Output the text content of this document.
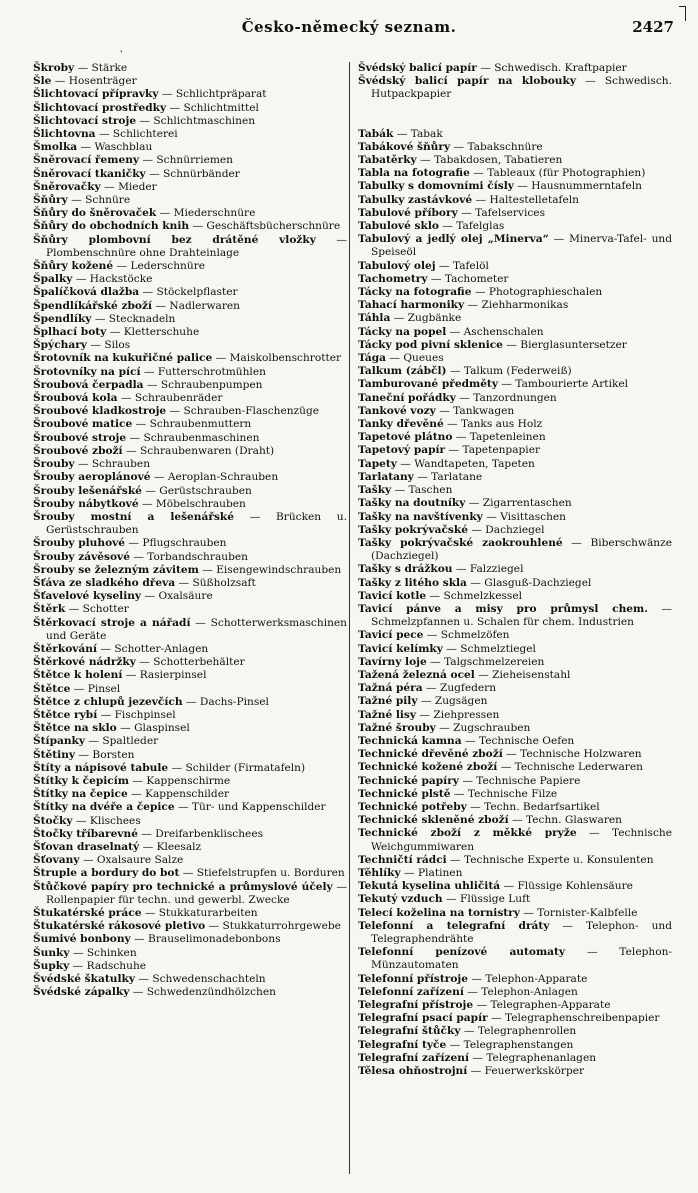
Česko-německý seznam.	2427
'

Škroby — Stärke

Šle — Hosenträger

Šlichtovací přípravky — Schlichtpräparat

Šlichtovací prostředky — Schlichtmittel

Šlichtovací stroje — Schlichtmaschinen

Šlichtovna — Schlichterei

Šmolka — Waschblau

Šněrovací řemeny — Schnürriemen

Šněrovací tkaničky — Schnürbänder

Šněrovačky — Mieder

Šňůry — Schnüre

Šňůry do šněrovaček — Miederschnüre

Šňůry do obchodních knih — Geschäftsbücherschnüre

Šňůry plombovní bez drátěné vložky — Plombenschnüre ohne Drahteinlage

Šňůry kožené — Lederschnüre

Špalky — Hackstöcke

Špalíčková dlažba — Stöckelpflaster

Špendlíkářské zboží — Nadlerwaren

Špendlíky — Stecknadeln

Šplhací boty — Kletterschuhe

Špýchary — Silos

Šrotovník na kukuřičné palice — Maiskolbenschrotter

Šrotovníky na pící — Futterschrotmühlen

Šroubová čerpadla — Schraubenpumpen

Šroubová kola — Schraubenräder

Šroubové kladkostroje — Schrauben-Flaschenzüge

Šroubové matice — Schraubenmuttern

Šroubové stroje — Schraubenmaschinen

Šroubové zboží — Schraubenwaren (Draht)

Šrouby — Schrauben

Šrouby aeroplánové — Aeroplan-Schrauben

Šrouby lešenářské — Gerüstschrauben

Šrouby nábytkové — Möbelschrauben

Šrouby mostní a lešenářské — Brücken u. Gerüstschrauben

Šrouby pluhové — Pflugschrauben

Šrouby závěsové — Torbandschrauben

Šrouby se železným závitem — Eisengewindschrauben

Šťáva ze sladkého dřeva — Süßholzsaft

Šťavelové kyseliny — Oxalsäure

Štěrk — Schotter

Štěrkovací stroje a nářadí — Schotterwerksmaschinen und Geräte

Štěrkování — Schotter-Anlagen

Štěrkové nádržky — Schotterbehälter

Štětce k holení — Rasierpinsel

Štětce — Pinsel

Štětce z chlupů jezevčích — Dachs-Pinsel

Štětce rybí — Fischpinsel

Štětce na sklo — Glaspinsel

Štípanky — Spaltleder

Štětiny — Borsten

Štíty a nápisové tabule — Schilder (Firmatafeln)

Štítky k čepicím — Kappenschirme

Štítky na čepice — Kappenschilder

Štítky na dvéře a čepice — Tür- und Kappenschilder

Štočky — Klischees

Štočky tříbarevné — Dreifarbenklischees

Šťovan draselnatý — Kleesalz

Šťovany — Oxalsaure Salze

Štruple a bordury do bot — Stiefelstrupfen u. Borduren

Štůčkové papíry pro technické a průmyslové účely — Rollenpapier für techn. und gewerbl. Zwecke

Štukatérské práce — Stukkaturarbeiten

Štukatérské rákosové pletivo — Stukkaturrohrgewebe

Šumivé bonbony — Brauselimonadebonbons

Šunky — Schinken

Šupky — Radschuhe

Švédské škatulky — Schwedenschachteln

Švédské zápalky — Schwedenzündhölzchen

Švédský balicí papír — Schwedisch. Kraftpapier

Švédský balicí papír na klobouky — Schwedisch. Hutpackpapier

Tabák — Tabak

Tabákové šňůry — Tabakschnüre

Tabatěrky — Tabakdosen, Tabatieren

Tabla na fotografie — Tableaux (für Photographien)

Tabulky s domovními čísly — Hausnummerntafeln

Tabulky zastávkové — Haltestelletafeln

Tabulové příbory — Tafelservices

Tabulové sklo — Tafelglas

Tabulový a jedlý olej „Minerva“ — Minerva-Tafel- und Speiseöl

Tabulový olej — Tafelöl

Tachometry — Tachometer

Tácky na fotografie — Photographieschalen

Tahací harmoniky — Ziehharmonikas

Táhla — Zugbänke

Tácky na popel — Aschenschalen

Tácky pod pivní sklenice — Bierglasuntersetzer

Tága — Queues

Talkum (zábčl) — Talkum (Federweiß)

Tamburované předměty — Tambourierte Artikel

Taneční pořádky — Tanzordnungen

Tankové vozy — Tankwagen

Tanky dřevěné — Tanks aus Holz

Tapetové plátno — Tapetenleinen

Tapetový papír — Tapetenpapier

Tapety — Wandtapeten, Tapeten

Tarlatany — Tarlatane

Tašky — Taschen

Tašky na doutníky — Zigarrentaschen

Tašky na navštívenky — Visittaschen

Tašky pokrývačské — Dachziegel

Tašky pokrývačské zaokrouhlené — Biberschwänze (Dachziegel)

Tašky s drážkou — Falzziegel

Tašky z litého skla — Glasguß-Dachziegel

Tavicí kotle — Schmelzkessel

Tavicí pánve a misy pro průmysl chem. — Schmelzpfannen u. Schalen für chem. Industrien

Tavicí pece — Schmelzöfen

Tavicí kelímky — Schmelztiegel

Tavírny loje — Talgschmelzereien

Tažená železná ocel — Zieheisenstahl

Tažná péra — Zugfedern

Tažné pily — Zugsägen

Tažné lisy — Ziehpressen

Tažné šrouby — Zugschrauben

Technická kamna — Technische Oefen

Technické dřevěné zboží — Technische Holzwaren

Technické kožené zboží — Technische Lederwaren

Technické papíry — Technische Papiere

Technické plstě — Technische Filze

Technické potřeby — Techn. Bedarfsartikel

Technické skleněné zboží — Techn. Glaswaren

Technické zboží z měkké pryže — Technische Weichgummiwaren

Techničtí rádci — Technische Experte u. Konsulenten

Těhlíky — Platinen

Tekutá kyselina uhličitá — Flüssige Kohlensäure

Tekutý vzduch — Flüssige Luft

Telecí koželina na tornistry — Tornister-Kalbfelle

Telefonní a telegrafní dráty — Telephon- und Telegraphendrähte

Telefonní penízové automaty — Telephon-Münzautomaten

Telefonní přístroje — Telephon-Apparate

Telefonní zařízení — Telephon-Anlagen

Telegrafní přístroje — Telegraphen-Apparate

Telegrafní psací papír — Telegraphenschreibenpapier

Telegrafní štůčky — Telegraphenrollen

Telegrafní tyče — Telegraphenstangen

Telegrafní zařízení — Telegraphenanlagen

Tělesa ohňostrojní — Feuerwerkskörper
